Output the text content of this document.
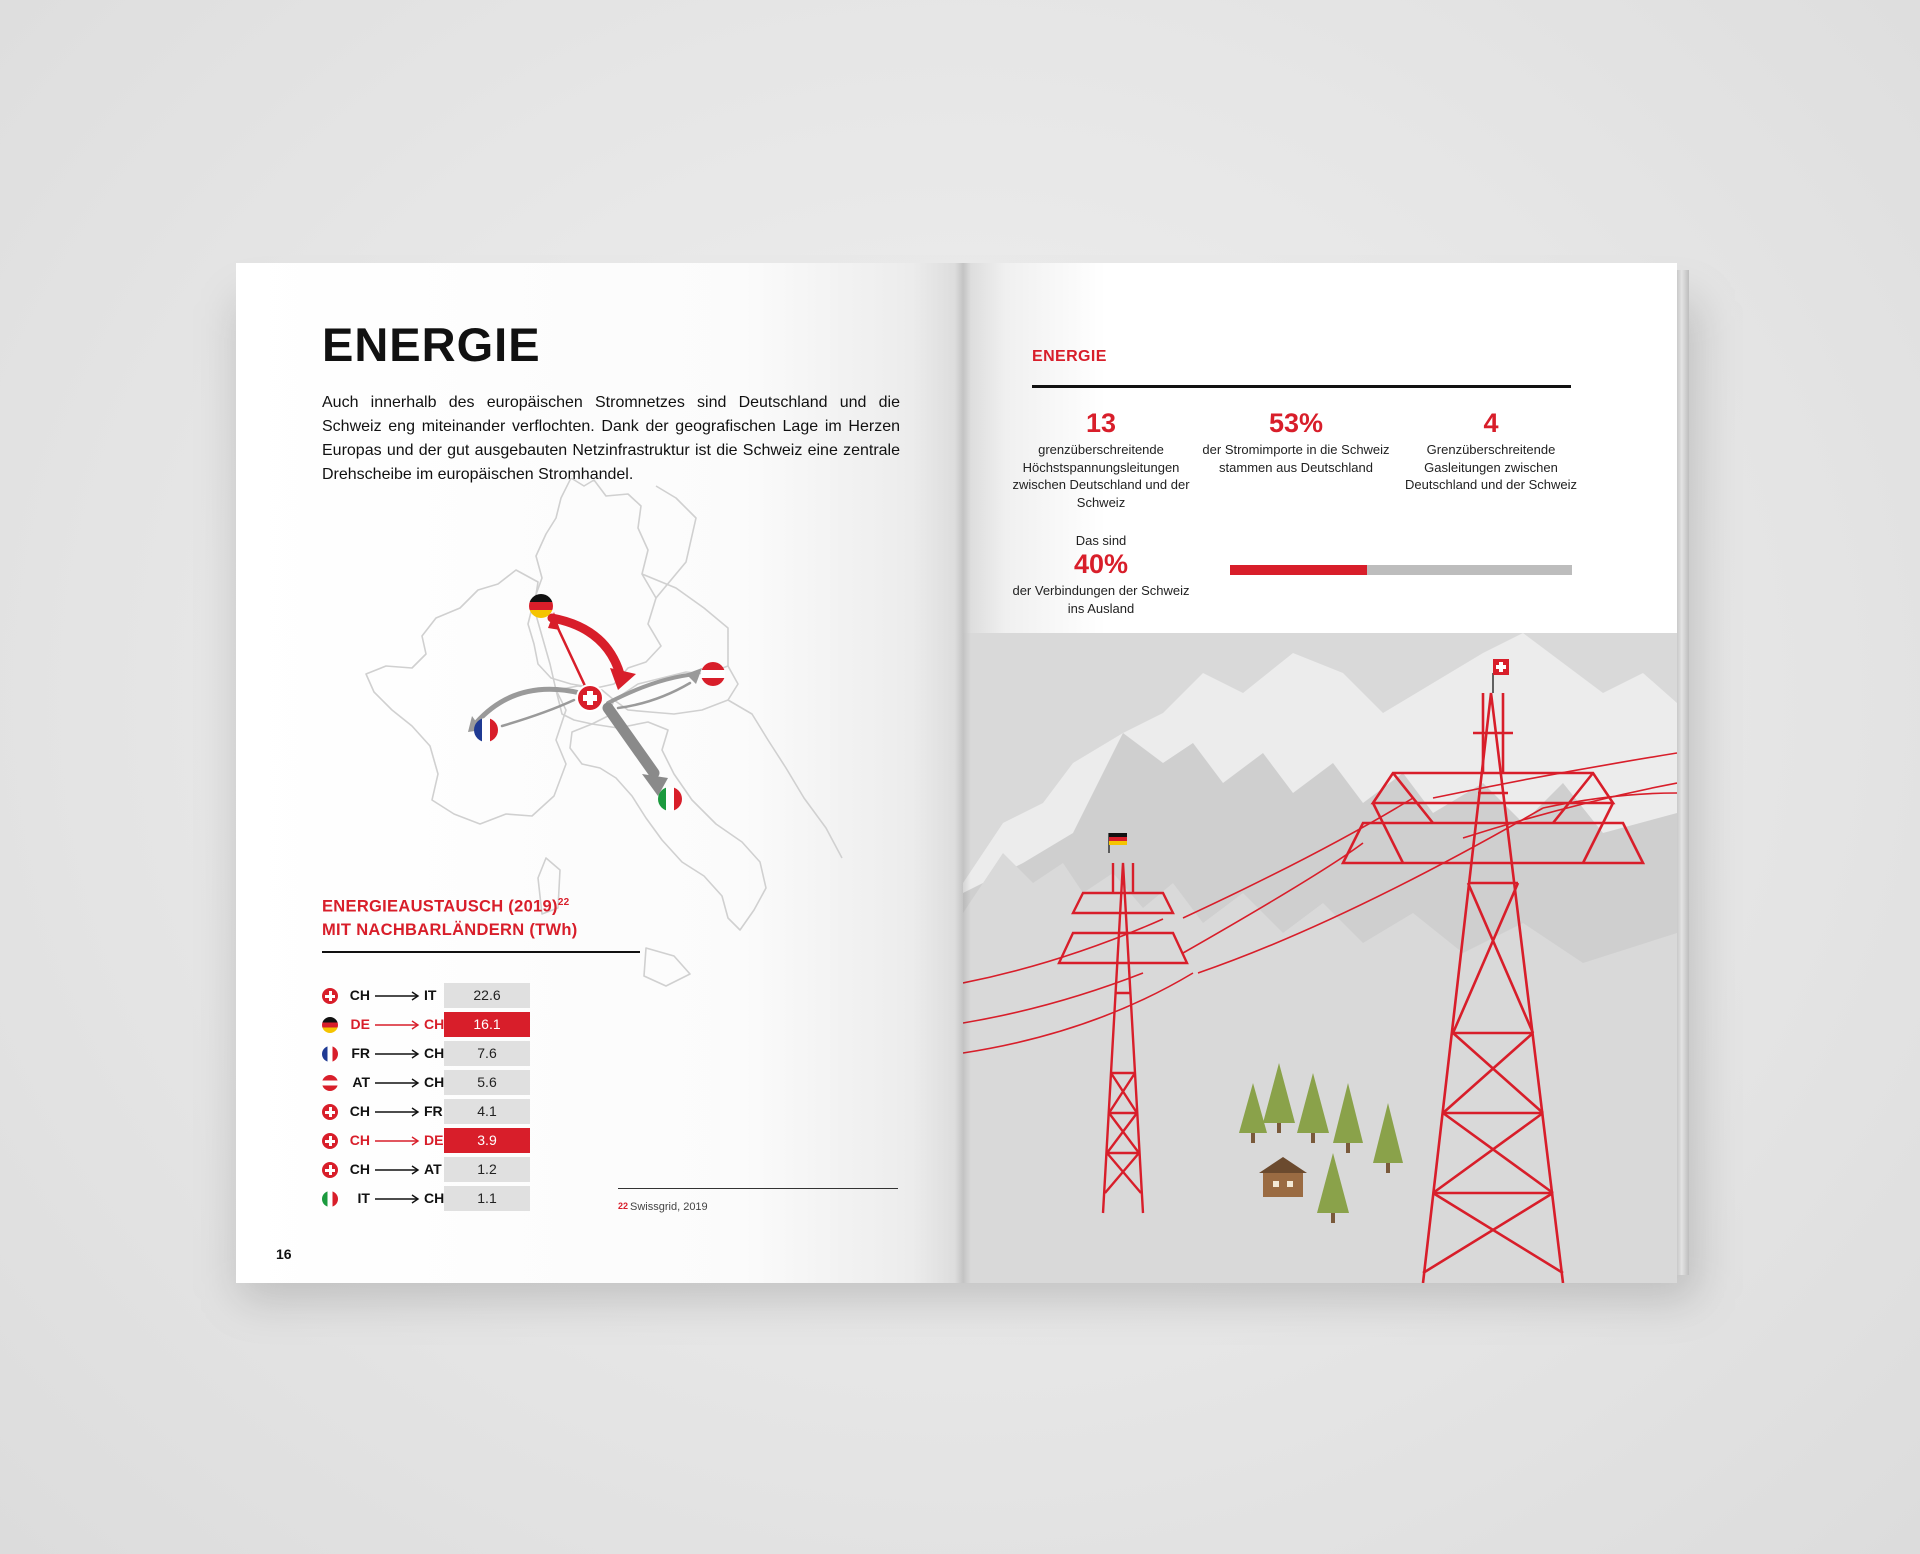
ENERGIE
Auch innerhalb des europäischen Stromnetzes sind Deutschland und die Schweiz eng miteinander verflochten. Dank der geografischen Lage im Herzen Europas und der gut ausgebauten Netzinfrastruktur ist die Schweiz eine zentrale Drehscheibe im europäischen Stromhandel.
ENERGIEAUSTAUSCH $(2019)^{22}$
MIT NACHBARLÄNDERN (TWh)
CH	IT	22.6
DE	CH	16.1
FR	CH	7.6
AT	CH	5.6
CH	FR	4.1
CH	DE	3.9
CH	AT	1.2
IT	CH	1.1	$^{22}$ Swissgrid, 2019
16
ENERGIE
13
grenzüberschreitende Höchstspannungsleitungen zwischen Deutschland und der Schweiz
53%
der Stromimporte in die Schweiz stammen aus Deutschland
4
Grenzüberschreitende Gasleitungen zwischen Deutschland und der Schweiz
Das sind
40%
der Verbindungen der Schweiz ins Ausland
